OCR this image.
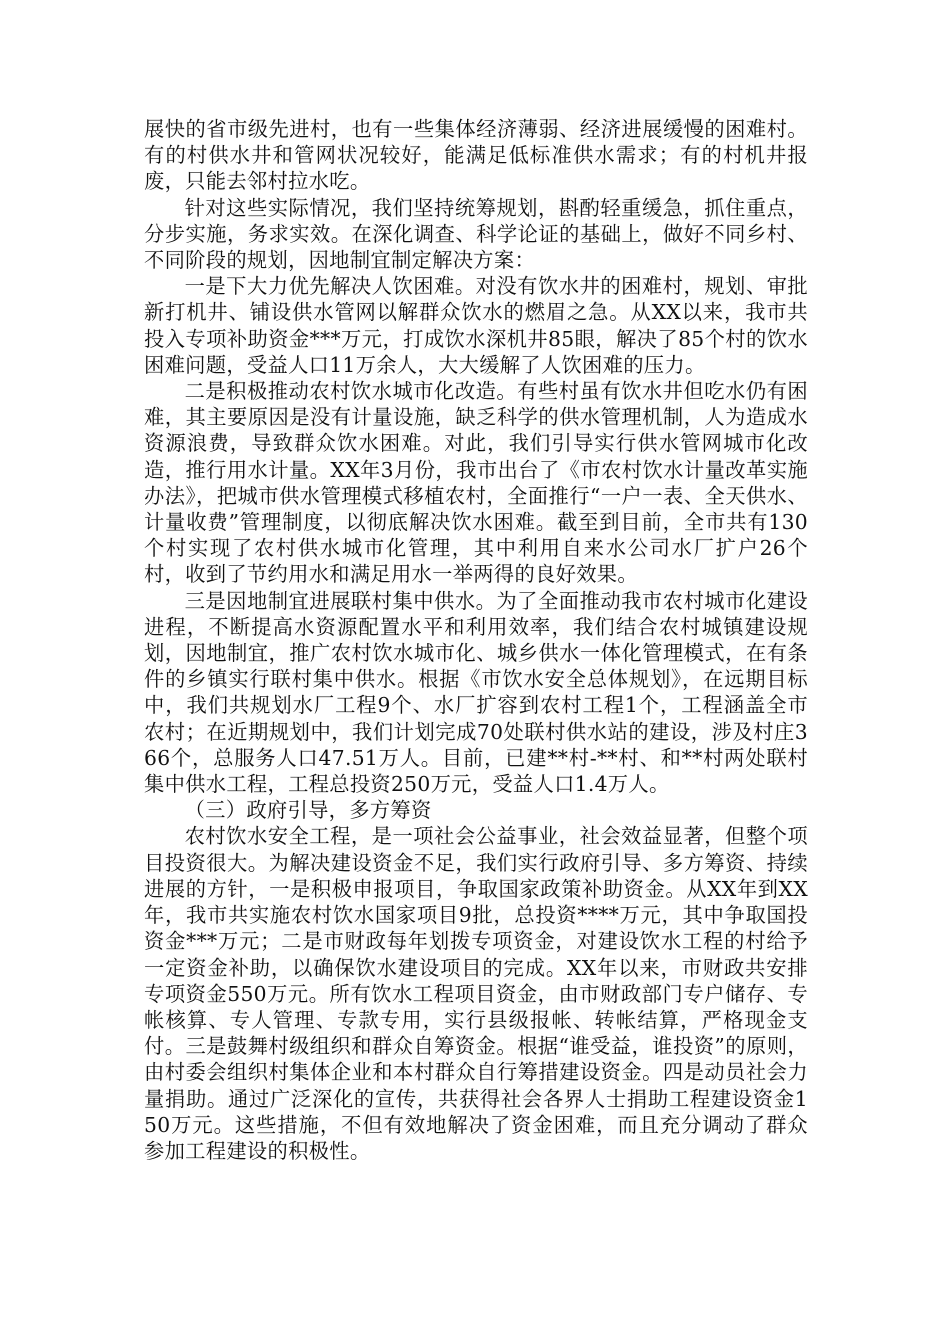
展快的省市级先进村，也有一些集体经济薄弱、经济进展缓慢的困难村。有的村供水井和管网状况较好，能满足低标准供水需求；有的村机井报废，只能去邻村拉水吃。

针对这些实际情况，我们坚持统筹规划，斟酌轻重缓急，抓住重点，分步实施，务求实效。在深化调查、科学论证的基础上，做好不同乡村、不同阶段的规划，因地制宜制定解决方案：

一是下大力优先解决人饮困难。对没有饮水井的困难村，规划、审批新打机井、铺设供水管网以解群众饮水的燃眉之急。从XX以来，我市共投入专项补助资金***万元，打成饮水深机井85眼，解决了85个村的饮水困难问题，受益人口11万余人，大大缓解了人饮困难的压力。

二是积极推动农村饮水城市化改造。有些村虽有饮水井但吃水仍有困难，其主要原因是没有计量设施，缺乏科学的供水管理机制，人为造成水资源浪费，导致群众饮水困难。对此，我们引导实行供水管网城市化改造，推行用水计量。XX年3月份，我市出台了《市农村饮水计量改革实施办法》，把城市供水管理模式移植农村，全面推行“一户一表、全天供水、计量收费”管理制度，以彻底解决饮水困难。截至到目前，全市共有130个村实现了农村供水城市化管理，其中利用自来水公司水厂扩户26个村，收到了节约用水和满足用水一举两得的良好效果。

三是因地制宜进展联村集中供水。为了全面推动我市农村城市化建设进程，不断提高水资源配置水平和利用效率，我们结合农村城镇建设规划，因地制宜，推广农村饮水城市化、城乡供水一体化管理模式，在有条件的乡镇实行联村集中供水。根据《市饮水安全总体规划》，在远期目标中，我们共规划水厂工程9个、水厂扩容到农村工程1个，工程涵盖全市农村；在近期规划中，我们计划完成70处联村供水站的建设，涉及村庄366个，总服务人口47.51万人。目前，已建**村-**村、和**村两处联村集中供水工程，工程总投资250万元，受益人口1.4万人。

（三）政府引导，多方筹资

农村饮水安全工程，是一项社会公益事业，社会效益显著，但整个项目投资很大。为解决建设资金不足，我们实行政府引导、多方筹资、持续进展的方针，一是积极申报项目，争取国家政策补助资金。从XX年到XX年，我市共实施农村饮水国家项目9批，总投资****万元，其中争取国投资金***万元；二是市财政每年划拨专项资金，对建设饮水工程的村给予一定资金补助，以确保饮水建设项目的完成。XX年以来，市财政共安排专项资金550万元。所有饮水工程项目资金，由市财政部门专户储存、专帐核算、专人管理、专款专用，实行县级报帐、转帐结算，严格现金支付。三是鼓舞村级组织和群众自筹资金。根据“谁受益，谁投资”的原则，由村委会组织村集体企业和本村群众自行筹措建设资金。四是动员社会力量捐助。通过广泛深化的宣传，共获得社会各界人士捐助工程建设资金150万元。这些措施，不但有效地解决了资金困难，而且充分调动了群众参加工程建设的积极性。
